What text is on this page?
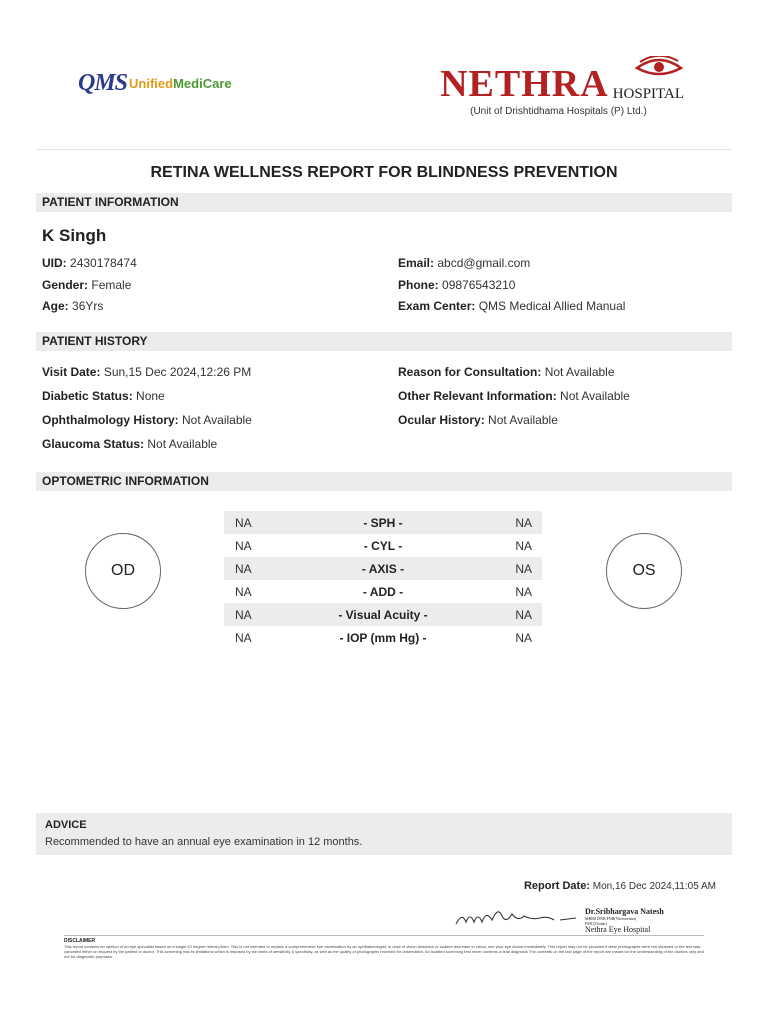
QMS UnifiedMediCare	NETHRA HOSPITAL
(Unit of Drishtidhama Hospitals (P) Ltd.)
RETINA WELLNESS REPORT FOR BLINDNESS PREVENTION
PATIENT INFORMATION
K Singh
UID: 2430178474
Gender: Female
Age: 36Yrs
Email: abcd@gmail.com
Phone: 09876543210
Exam Center: QMS Medical Allied Manual
PATIENT HISTORY
Visit Date: Sun,15 Dec 2024,12:26 PM
Diabetic Status: None
Ophthalmology History: Not Available
Glaucoma Status: Not Available
Reason for Consultation: Not Available
Other Relevant Information: Not Available
Ocular History: Not Available
OPTOMETRIC INFORMATION
OD	OS
NA	- SPH -	NA
NA	- CYL -	NA
NA	- AXIS -	NA
NA	- ADD -	NA
NA	- Visual Acuity -	NA
NA	- IOP (mm Hg) -	NA
ADVICE
Recommended to have an annual eye examination in 12 months.
Report Date: Mon,16 Dec 2024,11:05 AM
Dr.Sribhargava Natesh
MBBS DNB FNB(Vitreoretina)
FMC(Ocular)
Nethra Eye Hospital
DISCLAIMER
This report contains an opinion of an eye specialist based on a single 40 degree retinal photo. This is not intended to replace a comprehensive eye examination by an ophthalmologist, in case of vision distortion or sudden decrease in vision, see your eye doctor immediately. This report may not be provided if clear photographs were not obtained or the test was cancelled either on request by the patient or doctor. This screening has its limitations which is imposed by the limits of sensitivity & specificity, as well as the quality of photographs received for observation. An isolated screening test never confirms a final diagnosis The contents on the last page of the report are meant for the understanding of the doctors only and not for diagnostic purposes.
